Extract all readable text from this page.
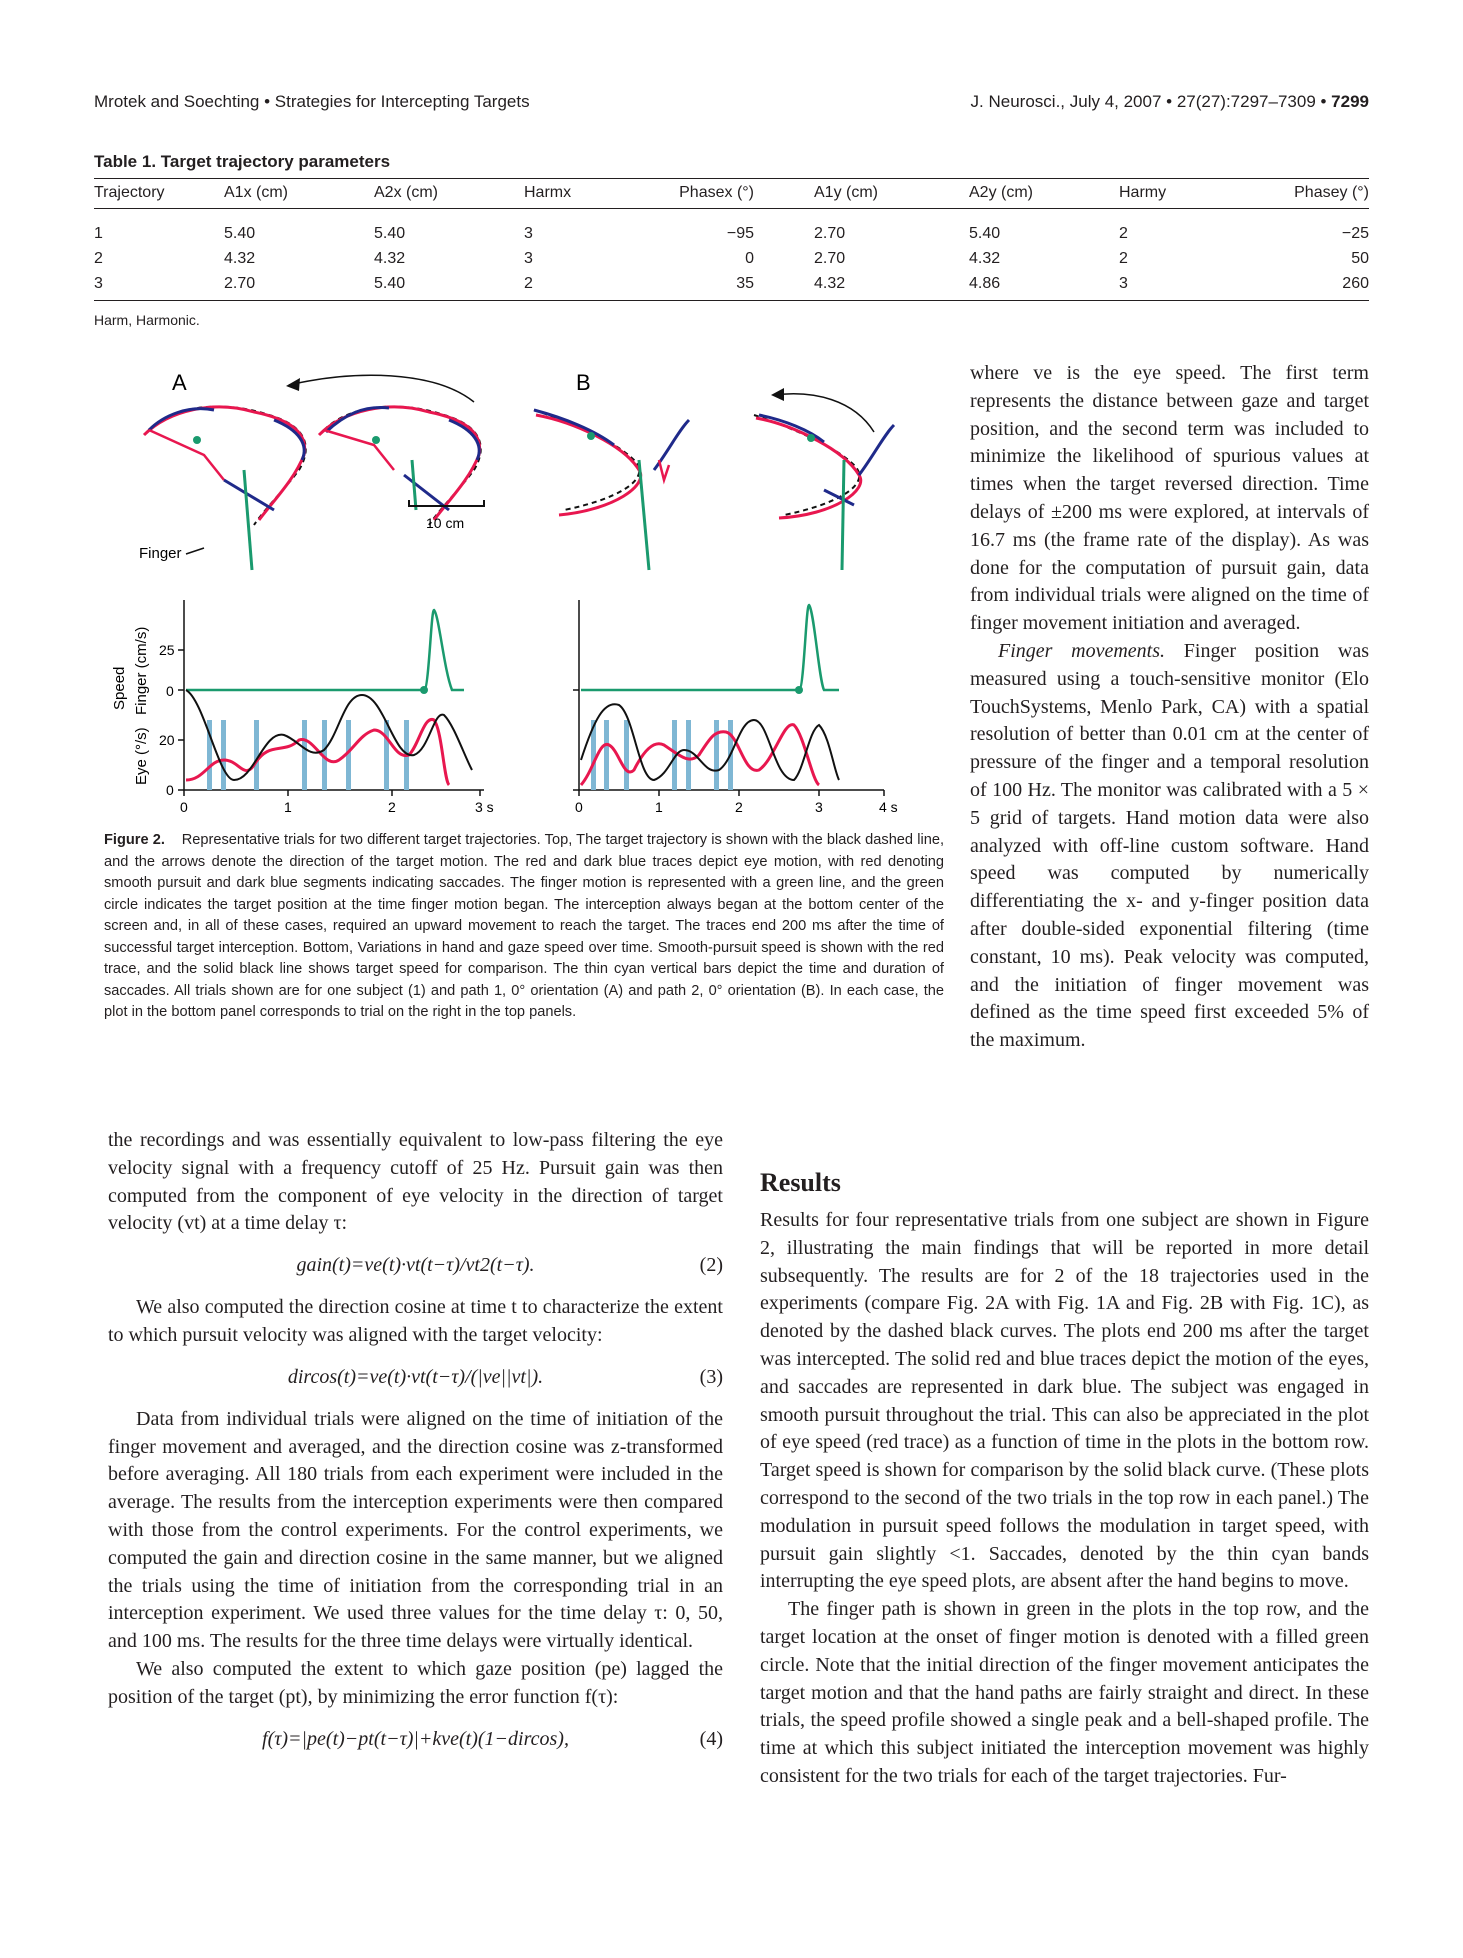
Mrotek and Soechting • Strategies for Intercepting Targets	J. Neurosci., July 4, 2007 • 27(27):7297–7309 • 7299
Table 1. Target trajectory parameters
Trajectory	A1x (cm)	A2x (cm)	Harmx	Phasex (°)	A1y (cm)	A2y (cm)	Harmy	Phasey (°)
1	5.40	5.40	3	−95	2.70	5.40	2	−25
2	4.32	4.32	3	0	2.70	4.32	2	50
3	2.70	5.40	2	35	4.32	4.86	3	260
Harm, Harmonic.
A	B
Finger
10 cm
Speed Finger (cm/s)
Eye (°/s)
25
0
20
0
0	1	2	3 s	0	1	2	3	4 s
Figure 2. Representative trials for two different target trajectories. Top, The target trajectory is shown with the black dashed line, and the arrows denote the direction of the target motion. The red and dark blue traces depict eye motion, with red denoting smooth pursuit and dark blue segments indicating saccades. The finger motion is represented with a green line, and the green circle indicates the target position at the time finger motion began. The interception always began at the bottom center of the screen and, in all of these cases, required an upward movement to reach the target. The traces end 200 ms after the time of successful target interception. Bottom, Variations in hand and gaze speed over time. Smooth-pursuit speed is shown with the red trace, and the solid black line shows target speed for comparison. The thin cyan vertical bars depict the time and duration of saccades. All trials shown are for one subject (1) and path 1, 0° orientation (A) and path 2, 0° orientation (B). In each case, the plot in the bottom panel corresponds to trial on the right in the top panels.

where ve is the eye speed. The first term represents the distance between gaze and target position, and the second term was included to minimize the likelihood of spurious values at times when the target reversed direction. Time delays of ±200 ms were explored, at intervals of 16.7 ms (the frame rate of the display). As was done for the computation of pursuit gain, data from individual trials were aligned on the time of finger movement initiation and averaged.

Finger movements. Finger position was measured using a touch-sensitive monitor (Elo TouchSystems, Menlo Park, CA) with a spatial resolution of better than 0.01 cm at the center of pressure of the finger and a temporal resolution of 100 Hz. The monitor was calibrated with a 5 × 5 grid of targets. Hand motion data were also analyzed with off-line custom software. Hand speed was computed by numerically differentiating the x- and y-finger position data after double-sided exponential filtering (time constant, 10 ms). Peak velocity was computed, and the initiation of finger movement was defined as the time speed first exceeded 5% of the maximum.

the recordings and was essentially equivalent to low-pass filtering the eye velocity signal with a frequency cutoff of 25 Hz. Pursuit gain was then computed from the component of eye velocity in the direction of target velocity (vt) at a time delay τ:

gain(t)=ve(t)·vt(t−τ)/vt2(t−τ).	(2)

We also computed the direction cosine at time t to characterize the extent to which pursuit velocity was aligned with the target velocity:

dircos(t)=ve(t)·vt(t−τ)/(|ve||vt|).	(3)

Data from individual trials were aligned on the time of initiation of the finger movement and averaged, and the direction cosine was z-transformed before averaging. All 180 trials from each experiment were included in the average. The results from the interception experiments were then compared with those from the control experiments. For the control experiments, we computed the gain and direction cosine in the same manner, but we aligned the trials using the time of initiation from the corresponding trial in an interception experiment. We used three values for the time delay τ: 0, 50, and 100 ms. The results for the three time delays were virtually identical.

We also computed the extent to which gaze position (pe) lagged the position of the target (pt), by minimizing the error function f(τ):

f(τ)=|pe(t)−pt(t−τ)|+kve(t)(1−dircos),	(4)
Results

Results for four representative trials from one subject are shown in Figure 2, illustrating the main findings that will be reported in more detail subsequently. The results are for 2 of the 18 trajectories used in the experiments (compare Fig. 2A with Fig. 1A and Fig. 2B with Fig. 1C), as denoted by the dashed black curves. The plots end 200 ms after the target was intercepted. The solid red and blue traces depict the motion of the eyes, and saccades are represented in dark blue. The subject was engaged in smooth pursuit throughout the trial. This can also be appreciated in the plot of eye speed (red trace) as a function of time in the plots in the bottom row. Target speed is shown for comparison by the solid black curve. (These plots correspond to the second of the two trials in the top row in each panel.) The modulation in pursuit speed follows the modulation in target speed, with pursuit gain slightly <1. Saccades, denoted by the thin cyan bands interrupting the eye speed plots, are absent after the hand begins to move.

The finger path is shown in green in the plots in the top row, and the target location at the onset of finger motion is denoted with a filled green circle. Note that the initial direction of the finger movement anticipates the target motion and that the hand paths are fairly straight and direct. In these trials, the speed profile showed a single peak and a bell-shaped profile. The time at which this subject initiated the interception movement was highly consistent for the two trials for each of the target trajectories. Fur-
